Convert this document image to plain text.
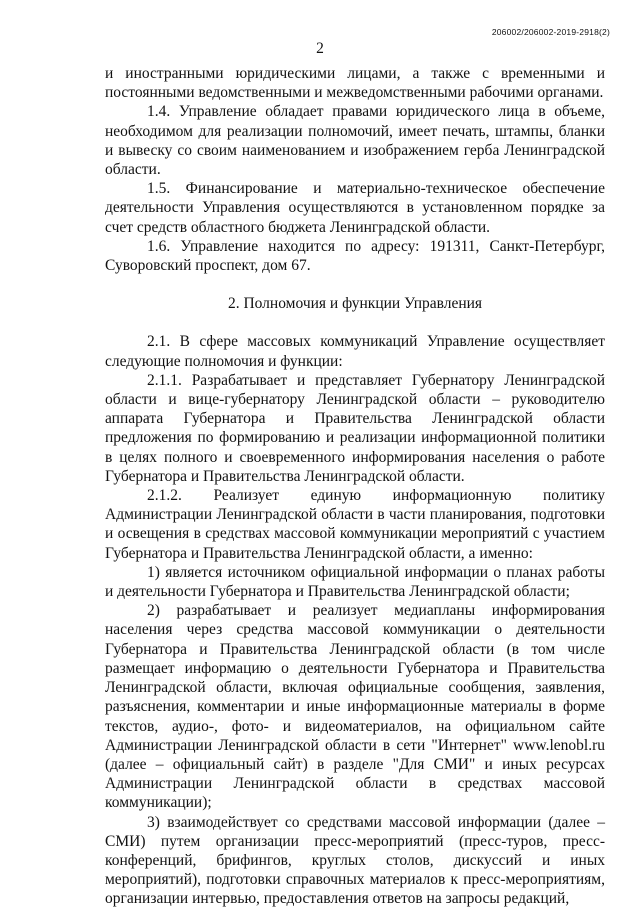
206002/206002-2019-2918(2)
2

и иностранными юридическими лицами, а также с временными и постоянными ведомственными и межведомственными рабочими органами.

1.4. Управление обладает правами юридического лица в объеме, необходимом для реализации полномочий, имеет печать, штампы, бланки и вывеску со своим наименованием и изображением герба Ленинградской области.

1.5. Финансирование и материально-техническое обеспечение деятельности Управления осуществляются в установленном порядке за счет средств областного бюджета Ленинградской области.

1.6. Управление находится по адресу: 191311, Санкт-Петербург, Суворовский проспект, дом 67.

2. Полномочия и функции Управления

2.1. В сфере массовых коммуникаций Управление осуществляет следующие полномочия и функции:

2.1.1. Разрабатывает и представляет Губернатору Ленинградской области и вице-губернатору Ленинградской области – руководителю аппарата Губернатора и Правительства Ленинградской области предложения по формированию и реализации информационной политики в целях полного и своевременного информирования населения о работе Губернатора и Правительства Ленинградской области.

2.1.2. Реализует единую информационную политику Администрации Ленинградской области в части планирования, подготовки и освещения в средствах массовой коммуникации мероприятий с участием Губернатора и Правительства Ленинградской области, а именно:

1) является источником официальной информации о планах работы и деятельности Губернатора и Правительства Ленинградской области;

2) разрабатывает и реализует медиапланы информирования населения через средства массовой коммуникации о деятельности Губернатора и Правительства Ленинградской области (в том числе размещает информацию о деятельности Губернатора и Правительства Ленинградской области, включая официальные сообщения, заявления, разъяснения, комментарии и иные информационные материалы в форме текстов, аудио-, фото- и видеоматериалов, на официальном сайте Администрации Ленинградской области в сети "Интернет" www.lenobl.ru (далее – официальный сайт) в разделе "Для СМИ" и иных ресурсах Администрации Ленинградской области в средствах массовой коммуникации);

3) взаимодействует со средствами массовой информации (далее – СМИ) путем организации пресс-мероприятий (пресс-туров, пресс-конференций, брифингов, круглых столов, дискуссий и иных мероприятий), подготовки справочных материалов к пресс-мероприятиям, организации интервью, предоставления ответов на запросы редакций,
